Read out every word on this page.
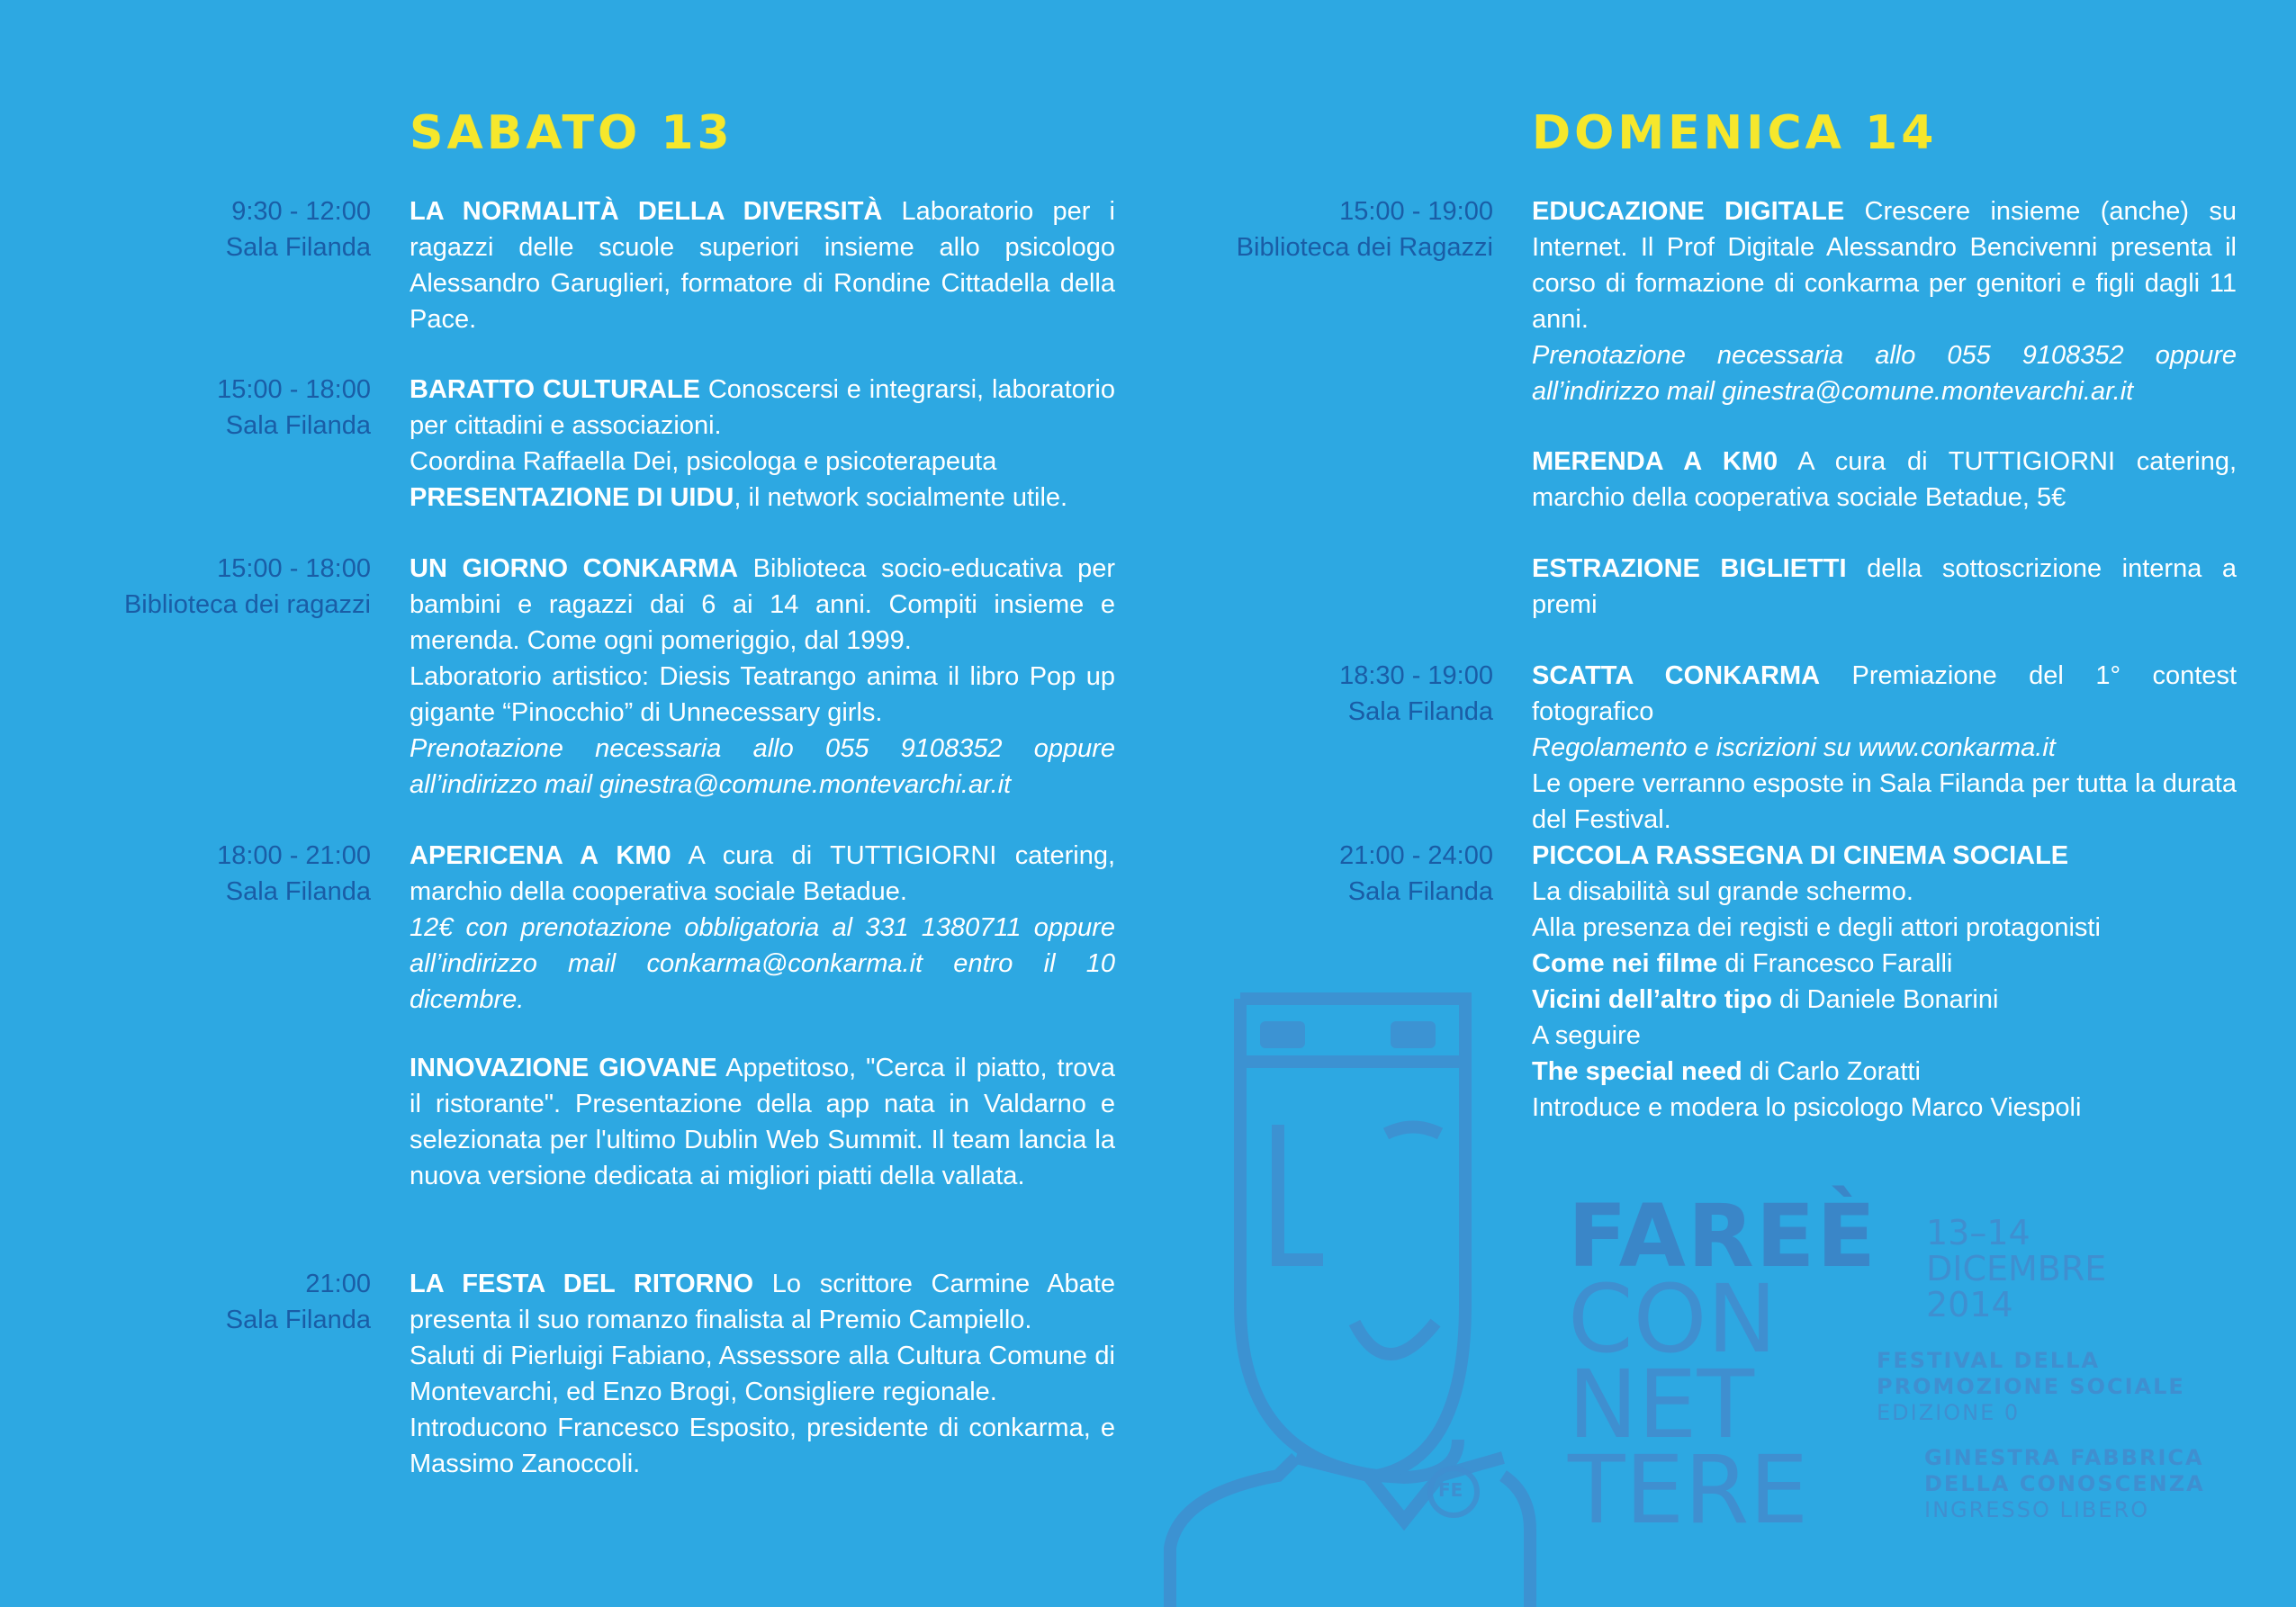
FE
FAREÈ
CON
NET
TERE
13–14
DICEMBRE
2014
FESTIVAL DELLA
PROMOZIONE SOCIALE
EDIZIONE 0
GINESTRA FABBRICA
DELLA CONOSCENZA
INGRESSO LIBERO
SABATO 13
9:30 - 12:00
Sala Filanda

LA NORMALITÀ DELLA DIVERSITÀ Laboratorio per i ragazzi delle scuole superiori insieme allo psicologo Alessandro Garuglieri, formatore di Rondine Cittadella della Pace.

15:00 - 18:00
Sala Filanda

BARATTO CULTURALE Conoscersi e integrarsi, laboratorio per cittadini e associazioni.

Coordina Raffaella Dei, psicologa e psicoterapeuta

PRESENTAZIONE DI UIDU, il network socialmente utile.

15:00 - 18:00
Biblioteca dei ragazzi

UN GIORNO CONKARMA Biblioteca socio-educativa per bambini e ragazzi dai 6 ai 14 anni. Compiti insieme e merenda. Come ogni pomeriggio, dal 1999.

Laboratorio artistico: Diesis Teatrango anima il libro Pop up gigante “Pinocchio” di Unnecessary girls.

Prenotazione necessaria allo 055 9108352 oppure all’indirizzo mail ginestra@comune.montevarchi.ar.it

18:00 - 21:00
Sala Filanda

APERICENA A KM0 A cura di TUTTIGIORNI catering, marchio della cooperativa sociale Betadue.

12€ con prenotazione obbligatoria al 331 1380711 oppure all’indirizzo mail conkarma@conkarma.it entro il 10 dicembre.

INNOVAZIONE GIOVANE Appetitoso, "Cerca il piatto, trova il ristorante". Presentazione della app nata in Valdarno e selezionata per l'ultimo Dublin Web Summit. Il team lancia la nuova versione dedicata ai migliori piatti della vallata.

21:00
Sala Filanda

LA FESTA DEL RITORNO Lo scrittore Carmine Abate presenta il suo romanzo finalista al Premio Campiello.

Saluti di Pierluigi Fabiano, Assessore alla Cultura Comune di Montevarchi, ed Enzo Brogi, Consigliere regionale.

Introducono Francesco Esposito, presidente di conkarma, e Massimo Zanoccoli.

DOMENICA 14
15:00 - 19:00
Biblioteca dei Ragazzi

EDUCAZIONE DIGITALE Crescere insieme (anche) su Internet. Il Prof Digitale Alessandro Bencivenni presenta il corso di formazione di conkarma per genitori e figli dagli 11 anni.

Prenotazione necessaria allo 055 9108352 oppure all’indirizzo mail ginestra@comune.montevarchi.ar.it

MERENDA A KM0 A cura di TUTTIGIORNI catering, marchio della cooperativa sociale Betadue, 5€

ESTRAZIONE BIGLIETTI della sottoscrizione interna a premi

18:30 - 19:00
Sala Filanda

SCATTA CONKARMA Premiazione del 1° contest fotografico

Regolamento e iscrizioni su www.conkarma.it

Le opere verranno esposte in Sala Filanda per tutta la durata del Festival.

21:00 - 24:00
Sala Filanda

PICCOLA RASSEGNA DI CINEMA SOCIALE

La disabilità sul grande schermo.

Alla presenza dei registi e degli attori protagonisti

Come nei filme di Francesco Faralli

Vicini dell’altro tipo di Daniele Bonarini

A seguire

The special need di Carlo Zoratti

Introduce e modera lo psicologo Marco Viespoli
